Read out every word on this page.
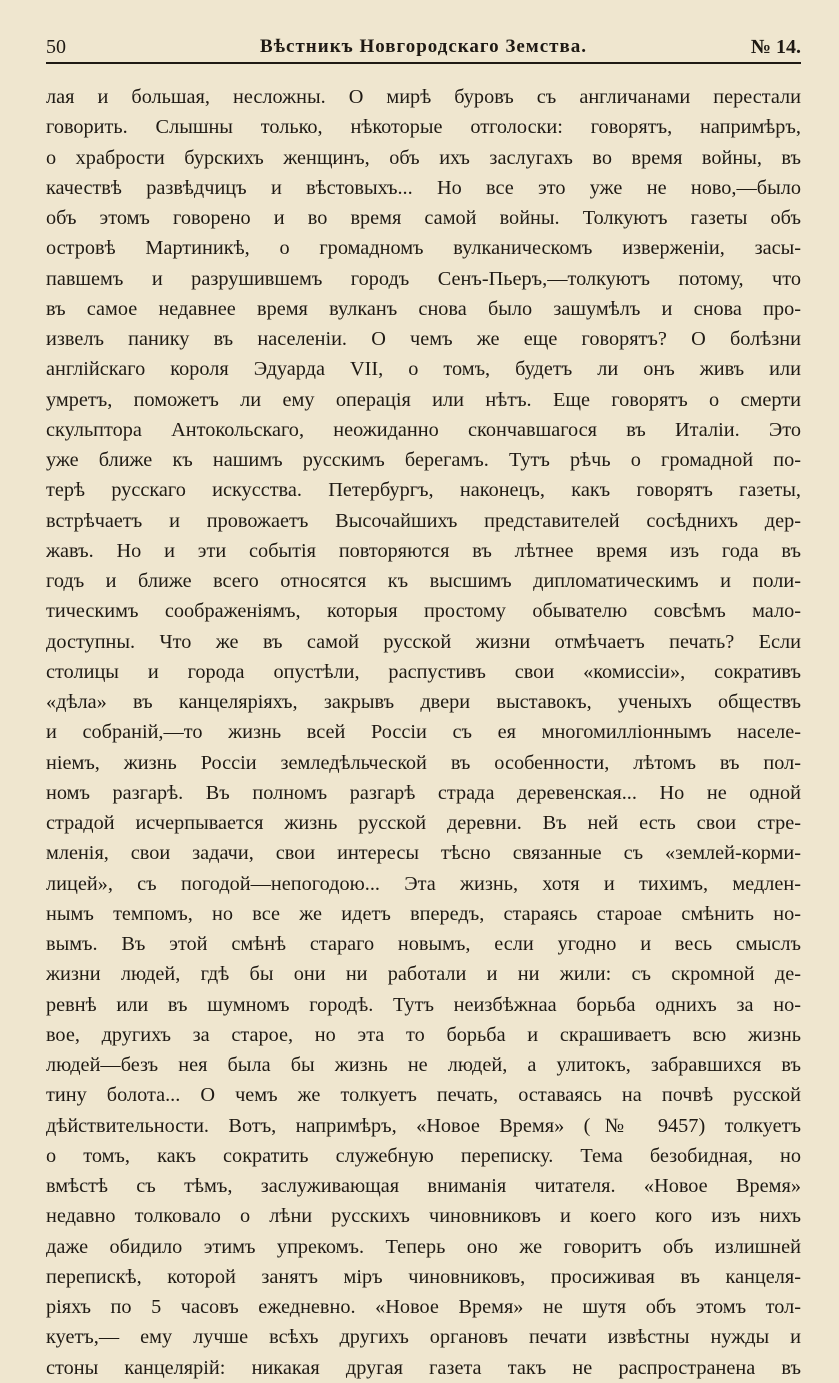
50	Вѣстникъ Новгородскаго Земства.	№ 14.
лая и большая, несложны. О мирѣ буровъ съ англичанами перестали
говорить. Слышны только, нѣкоторые отголоски: говорятъ, напримѣръ,
о храбрости бурскихъ женщинъ, объ ихъ заслугахъ во время войны, въ
качествѣ развѣдчицъ и вѣстовыхъ... Но все это уже не ново,—было
объ этомъ говорено и во время самой войны. Толкуютъ газеты объ
островѣ Мартиникѣ, о громадномъ вулканическомъ изверженіи, засы-
павшемъ и разрушившемъ городъ Сенъ-Пьеръ,—толкуютъ потому, что
въ самое недавнее время вулканъ снова было зашумѣлъ и снова про-
извелъ панику въ населеніи. О чемъ же еще говорятъ? О болѣзни
англійскаго короля Эдуарда VII, о томъ, будетъ ли онъ живъ или
умретъ, поможетъ ли ему операція или нѣтъ. Еще говорятъ о смерти
скульптора Антокольскаго, неожиданно скончавшагося въ Италіи. Это
уже ближе къ нашимъ русскимъ берегамъ. Тутъ рѣчь о громадной по-
терѣ русскаго искусства. Петербургъ, наконецъ, какъ говорятъ газеты,
встрѣчаетъ и провожаетъ Высочайшихъ представителей сосѣднихъ дер-
жавъ. Но и эти событія повторяются въ лѣтнее время изъ года въ
годъ и ближе всего относятся къ высшимъ дипломатическимъ и поли-
тическимъ соображеніямъ, которыя простому обывателю совсѣмъ мало-
доступны. Что же въ самой русской жизни отмѣчаетъ печать? Если
столицы и города опустѣли, распустивъ свои «комиссіи», сокративъ
«дѣла» въ канцеляріяхъ, закрывъ двери выставокъ, ученыхъ обществъ
и собраній,—то жизнь всей Россіи съ ея многомилліоннымъ населе-
ніемъ, жизнь Россіи земледѣльческой въ особенности, лѣтомъ въ пол-
номъ разгарѣ. Въ полномъ разгарѣ страда деревенская... Но не одной
страдой исчерпывается жизнь русской деревни. Въ ней есть свои стре-
мленія, свои задачи, свои интересы тѣсно связанные съ «землей-корми-
лицей», съ погодой—непогодою... Эта жизнь, хотя и тихимъ, медлен-
нымъ темпомъ, но все же идетъ впередъ, стараясь староае смѣнить но-
вымъ. Въ этой смѣнѣ стараго новымъ, если угодно и весь смыслъ
жизни людей, гдѣ бы они ни работали и ни жили: съ скромной де-
ревнѣ или въ шумномъ городѣ. Тутъ неизбѣжнаа борьба однихъ за но-
вое, другихъ за старое, но эта то борьба и скрашиваетъ всю жизнь
людей—безъ нея была бы жизнь не людей, а улитокъ, забравшихся въ
тину болота... О чемъ же толкуетъ печать, оставаясь на почвѣ русской
дѣйствительности. Вотъ, напримѣръ, «Новое Время» (№ 9457) толкуетъ
о томъ, какъ сократить служебную переписку. Тема безобидная, но
вмѣстѣ съ тѣмъ, заслуживающая вниманія читателя. «Новое Время»
недавно толковало о лѣни русскихъ чиновниковъ и коего кого изъ нихъ
даже обидило этимъ упрекомъ. Теперь оно же говоритъ объ излишней
перепискѣ, которой занятъ міръ чиновниковъ, просиживая въ канцеля-
ріяхъ по 5 часовъ ежедневно. «Новое Время» не шутя объ этомъ тол-
куетъ,— ему лучше всѣхъ другихъ органовъ печати извѣстны нужды и
стоны канцелярій: никакая другая газета такъ не распространена въ
